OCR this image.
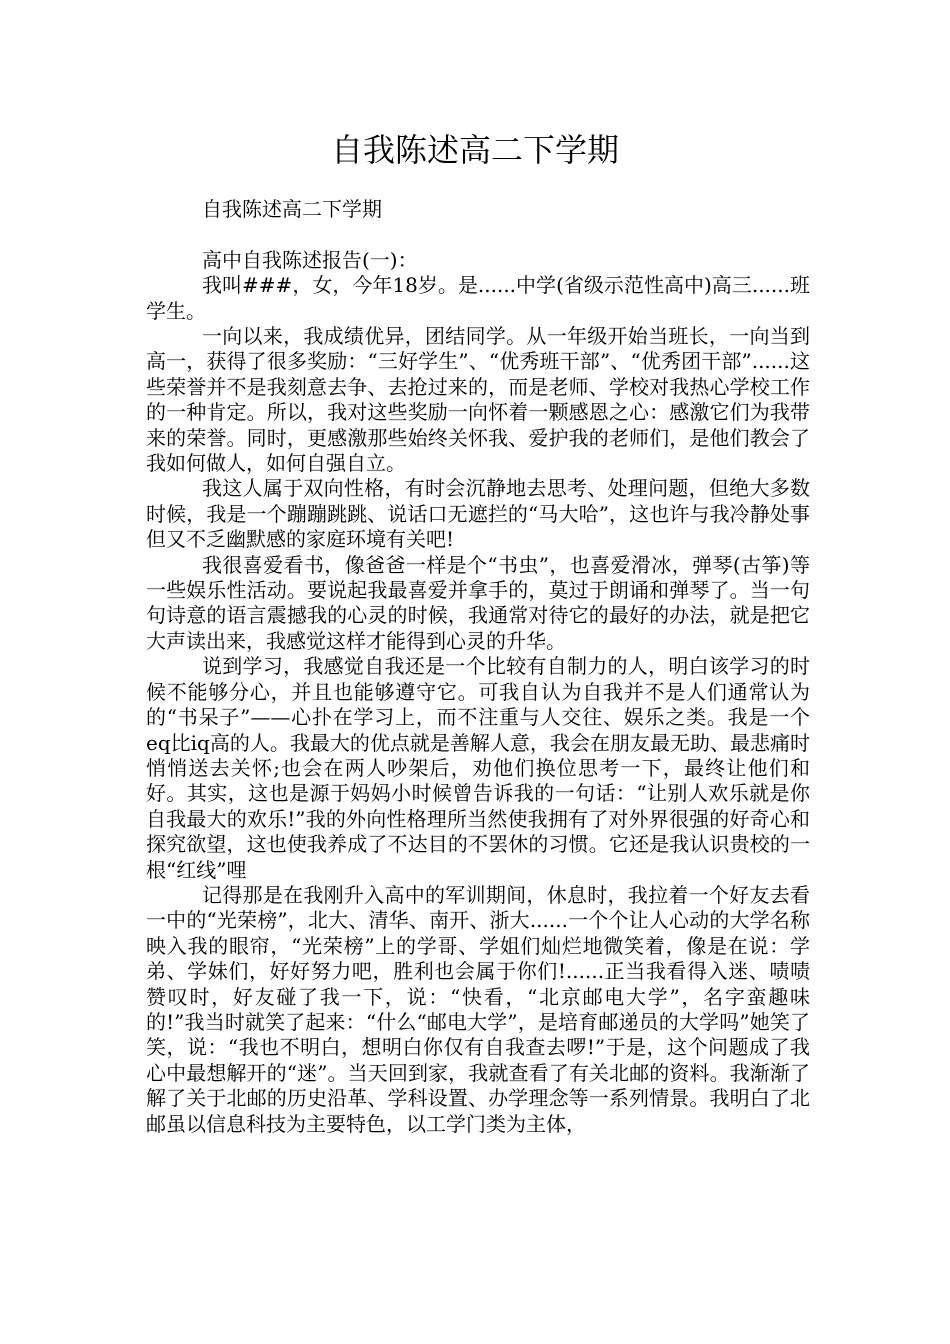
自我陈述高二下学期

自我陈述高二下学期

高中自我陈述报告(一)：

我叫###，女，今年18岁。是......中学(省级示范性高中)高三......班学生。

一向以来，我成绩优异，团结同学。从一年级开始当班长，一向当到高一，获得了很多奖励：“三好学生”、“优秀班干部”、“优秀团干部”......这些荣誉并不是我刻意去争、去抢过来的，而是老师、学校对我热心学校工作的一种肯定。所以，我对这些奖励一向怀着一颗感恩之心：感激它们为我带来的荣誉。同时，更感激那些始终关怀我、爱护我的老师们，是他们教会了我如何做人，如何自强自立。

我这人属于双向性格，有时会沉静地去思考、处理问题，但绝大多数时候，我是一个蹦蹦跳跳、说话口无遮拦的“马大哈”，这也许与我冷静处事但又不乏幽默感的家庭环境有关吧!

我很喜爱看书，像爸爸一样是个“书虫”，也喜爱滑冰，弹琴(古筝)等一些娱乐性活动。要说起我最喜爱并拿手的，莫过于朗诵和弹琴了。当一句句诗意的语言震撼我的心灵的时候，我通常对待它的最好的办法，就是把它大声读出来，我感觉这样才能得到心灵的升华。

说到学习，我感觉自我还是一个比较有自制力的人，明白该学习的时候不能够分心，并且也能够遵守它。可我自认为自我并不是人们通常认为的“书呆子”——心扑在学习上，而不注重与人交往、娱乐之类。我是一个eq比iq高的人。我最大的优点就是善解人意，我会在朋友最无助、最悲痛时悄悄送去关怀;也会在两人吵架后，劝他们换位思考一下，最终让他们和好。其实，这也是源于妈妈小时候曾告诉我的一句话：“让别人欢乐就是你自我最大的欢乐!”我的外向性格理所当然使我拥有了对外界很强的好奇心和探究欲望，这也使我养成了不达目的不罢休的习惯。它还是我认识贵校的一根“红线”哩

记得那是在我刚升入高中的军训期间，休息时，我拉着一个好友去看一中的“光荣榜”，北大、清华、南开、浙大......一个个让人心动的大学名称映入我的眼帘，“光荣榜”上的学哥、学姐们灿烂地微笑着，像是在说：学弟、学妹们，好好努力吧，胜利也会属于你们!......正当我看得入迷、啧啧赞叹时，好友碰了我一下，说：“快看，“北京邮电大学”，名字蛮趣味的!”我当时就笑了起来：“什么“邮电大学”，是培育邮递员的大学吗”她笑了笑，说：“我也不明白，想明白你仅有自我查去啰!”于是，这个问题成了我心中最想解开的“迷”。当天回到家，我就查看了有关北邮的资料。我渐渐了解了关于北邮的历史沿革、学科设置、办学理念等一系列情景。我明白了北邮虽以信息科技为主要特色，以工学门类为主体，
